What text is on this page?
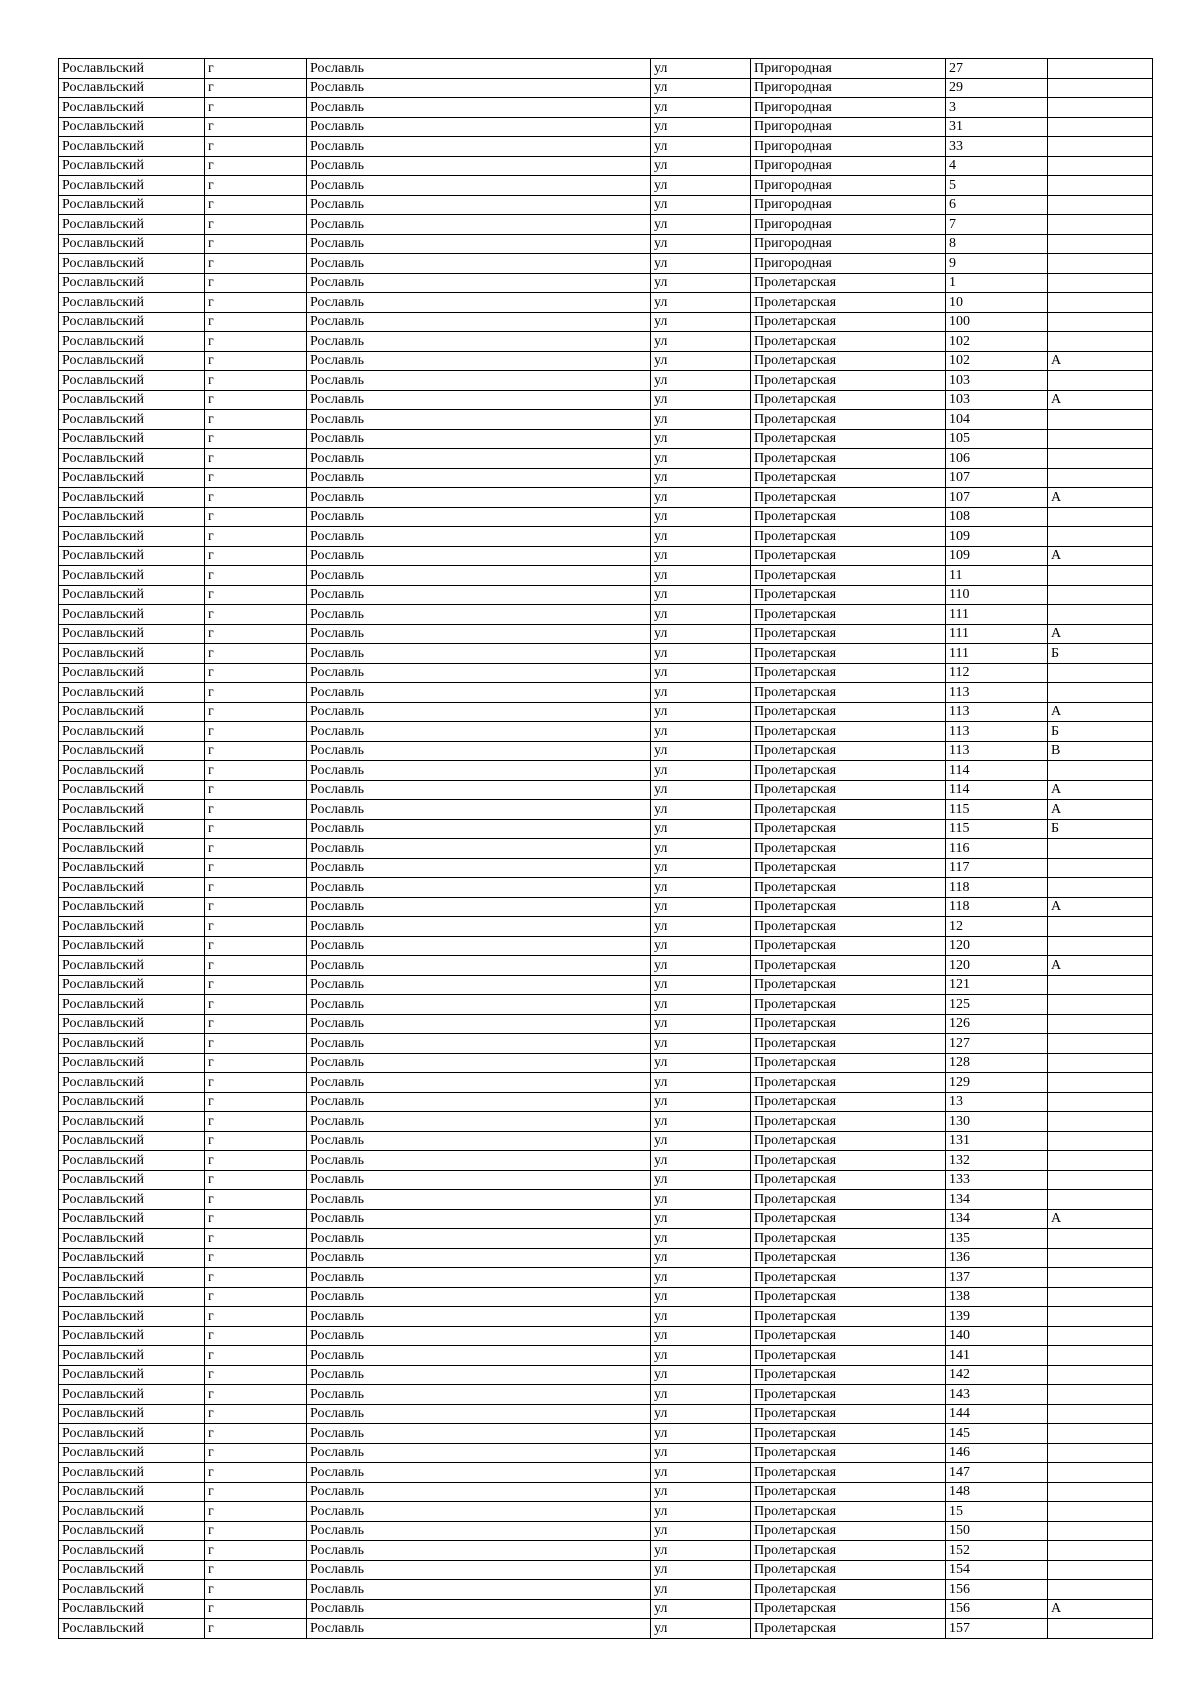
Рославльский	г	Рославль	ул	Пригородная	27	
Рославльский	г	Рославль	ул	Пригородная	29	
Рославльский	г	Рославль	ул	Пригородная	3	
Рославльский	г	Рославль	ул	Пригородная	31	
Рославльский	г	Рославль	ул	Пригородная	33	
Рославльский	г	Рославль	ул	Пригородная	4	
Рославльский	г	Рославль	ул	Пригородная	5	
Рославльский	г	Рославль	ул	Пригородная	6	
Рославльский	г	Рославль	ул	Пригородная	7	
Рославльский	г	Рославль	ул	Пригородная	8	
Рославльский	г	Рославль	ул	Пригородная	9	
Рославльский	г	Рославль	ул	Пролетарская	1	
Рославльский	г	Рославль	ул	Пролетарская	10	
Рославльский	г	Рославль	ул	Пролетарская	100	
Рославльский	г	Рославль	ул	Пролетарская	102	
Рославльский	г	Рославль	ул	Пролетарская	102	А
Рославльский	г	Рославль	ул	Пролетарская	103	
Рославльский	г	Рославль	ул	Пролетарская	103	А
Рославльский	г	Рославль	ул	Пролетарская	104	
Рославльский	г	Рославль	ул	Пролетарская	105	
Рославльский	г	Рославль	ул	Пролетарская	106	
Рославльский	г	Рославль	ул	Пролетарская	107	
Рославльский	г	Рославль	ул	Пролетарская	107	А
Рославльский	г	Рославль	ул	Пролетарская	108	
Рославльский	г	Рославль	ул	Пролетарская	109	
Рославльский	г	Рославль	ул	Пролетарская	109	А
Рославльский	г	Рославль	ул	Пролетарская	11	
Рославльский	г	Рославль	ул	Пролетарская	110	
Рославльский	г	Рославль	ул	Пролетарская	111	
Рославльский	г	Рославль	ул	Пролетарская	111	А
Рославльский	г	Рославль	ул	Пролетарская	111	Б
Рославльский	г	Рославль	ул	Пролетарская	112	
Рославльский	г	Рославль	ул	Пролетарская	113	
Рославльский	г	Рославль	ул	Пролетарская	113	А
Рославльский	г	Рославль	ул	Пролетарская	113	Б
Рославльский	г	Рославль	ул	Пролетарская	113	В
Рославльский	г	Рославль	ул	Пролетарская	114	
Рославльский	г	Рославль	ул	Пролетарская	114	А
Рославльский	г	Рославль	ул	Пролетарская	115	А
Рославльский	г	Рославль	ул	Пролетарская	115	Б
Рославльский	г	Рославль	ул	Пролетарская	116	
Рославльский	г	Рославль	ул	Пролетарская	117	
Рославльский	г	Рославль	ул	Пролетарская	118	
Рославльский	г	Рославль	ул	Пролетарская	118	А
Рославльский	г	Рославль	ул	Пролетарская	12	
Рославльский	г	Рославль	ул	Пролетарская	120	
Рославльский	г	Рославль	ул	Пролетарская	120	А
Рославльский	г	Рославль	ул	Пролетарская	121	
Рославльский	г	Рославль	ул	Пролетарская	125	
Рославльский	г	Рославль	ул	Пролетарская	126	
Рославльский	г	Рославль	ул	Пролетарская	127	
Рославльский	г	Рославль	ул	Пролетарская	128	
Рославльский	г	Рославль	ул	Пролетарская	129	
Рославльский	г	Рославль	ул	Пролетарская	13	
Рославльский	г	Рославль	ул	Пролетарская	130	
Рославльский	г	Рославль	ул	Пролетарская	131	
Рославльский	г	Рославль	ул	Пролетарская	132	
Рославльский	г	Рославль	ул	Пролетарская	133	
Рославльский	г	Рославль	ул	Пролетарская	134	
Рославльский	г	Рославль	ул	Пролетарская	134	А
Рославльский	г	Рославль	ул	Пролетарская	135	
Рославльский	г	Рославль	ул	Пролетарская	136	
Рославльский	г	Рославль	ул	Пролетарская	137	
Рославльский	г	Рославль	ул	Пролетарская	138	
Рославльский	г	Рославль	ул	Пролетарская	139	
Рославльский	г	Рославль	ул	Пролетарская	140	
Рославльский	г	Рославль	ул	Пролетарская	141	
Рославльский	г	Рославль	ул	Пролетарская	142	
Рославльский	г	Рославль	ул	Пролетарская	143	
Рославльский	г	Рославль	ул	Пролетарская	144	
Рославльский	г	Рославль	ул	Пролетарская	145	
Рославльский	г	Рославль	ул	Пролетарская	146	
Рославльский	г	Рославль	ул	Пролетарская	147	
Рославльский	г	Рославль	ул	Пролетарская	148	
Рославльский	г	Рославль	ул	Пролетарская	15	
Рославльский	г	Рославль	ул	Пролетарская	150	
Рославльский	г	Рославль	ул	Пролетарская	152	
Рославльский	г	Рославль	ул	Пролетарская	154	
Рославльский	г	Рославль	ул	Пролетарская	156	
Рославльский	г	Рославль	ул	Пролетарская	156	А
Рославльский	г	Рославль	ул	Пролетарская	157	
